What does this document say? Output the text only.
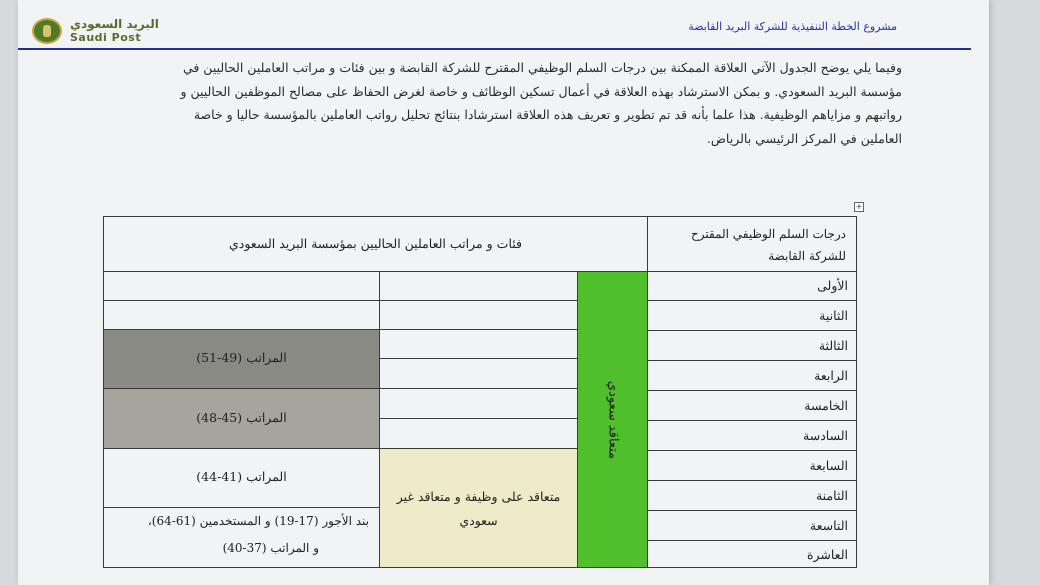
البريد السعودي
Saudi Post
مشروع الخطة التنفيذية للشركة البريد القابضة

وفيما يلي يوضح الجدول الآتي العلاقة الممكنة بين درجات السلم الوظيفي المقترح للشركة القابضة و بين فئات و مراتب العاملين الحاليين في

مؤسسة البريد السعودي. و بمكن الاسترشاد بهذه العلاقة في أعمال تسكين الوظائف و خاصة لغرض الحفاظ على مصالح الموظفين الحاليين و

رواتبهم و مزاياهم الوظيفية. هذا علما بأنه قد تم تطوير و تعريف هذه العلاقة استرشادا بنتائج تحليل رواتب العاملين بالمؤسسة حاليا و خاصة

العاملين في المركز الرئيسي بالرياض.

+
فئات و مراتب العاملين الحاليين بمؤسسة البريد السعودي
درجات السلم الوظيفي المقترح للشركة القابضة
متعاقد سعودي
متعاقد على وظيفة و متعاقد غير سعودي
المراتب (49-51)
المراتب (45-48)
المراتب (41-44)
بند الأجور (17-19) و المستخدمين (61-64)،
و المراتب (37-40)
الأولى
الثانية
الثالثة
الرابعة
الخامسة
السادسة
السابعة
الثامنة
التاسعة
العاشرة
